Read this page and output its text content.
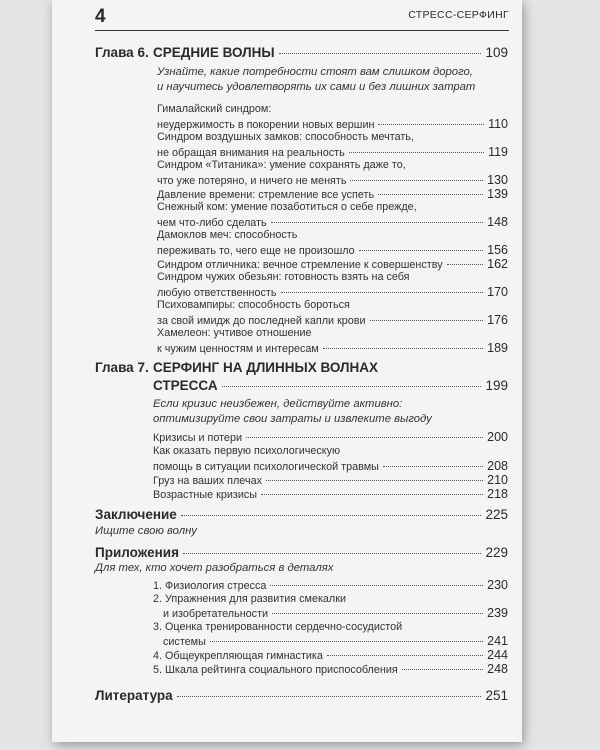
4	СТРЕСС-СЕРФИНГ
Глава 6. СРЕДНИЕ ВОЛНЫ	109
Узнайте, какие потребности стоят вам слишком дорого,
и научитесь удовлетворять их сами и без лишних затрат
Гималайский синдром:
неудержимость в покорении новых вершин	110
Синдром воздушных замков: способность мечтать,
не обращая внимания на реальность	119
Синдром «Титаника»: умение сохранять даже то,
что уже потеряно, и ничего не менять	130
Давление времени: стремление все успеть	139
Снежный ком: умение позаботиться о себе прежде,
чем что-либо сделать	148
Дамоклов меч: способность
переживать то, чего еще не произошло	156
Синдром отличника: вечное стремление к совершенству	162
Синдром чужих обезьян: готовность взять на себя
любую ответственность	170
Психовампиры: способность бороться
за свой имидж до последней капли крови	176
Хамелеон: учтивое отношение
к чужим ценностям и интересам	189
Глава 7. СЕРФИНГ НА ДЛИННЫХ ВОЛНАХ
СТРЕССА	199
Если кризис неизбежен, действуйте активно:
оптимизируйте свои затраты и извлеките выгоду
Кризисы и потери	200
Как оказать первую психологическую
помощь в ситуации психологической травмы	208
Груз на ваших плечах	210
Возрастные кризисы	218
Заключение	225
Ищите свою волну
Приложения	229
Для тех, кто хочет разобраться в деталях
1. Физиология стресса	230
2. Упражнения для развития смекалки
и изобретательности	239
3. Оценка тренированности сердечно-сосудистой
системы	241
4. Общеукрепляющая гимнастика	244
5. Шкала рейтинга социального приспособления	248
Литература	251
